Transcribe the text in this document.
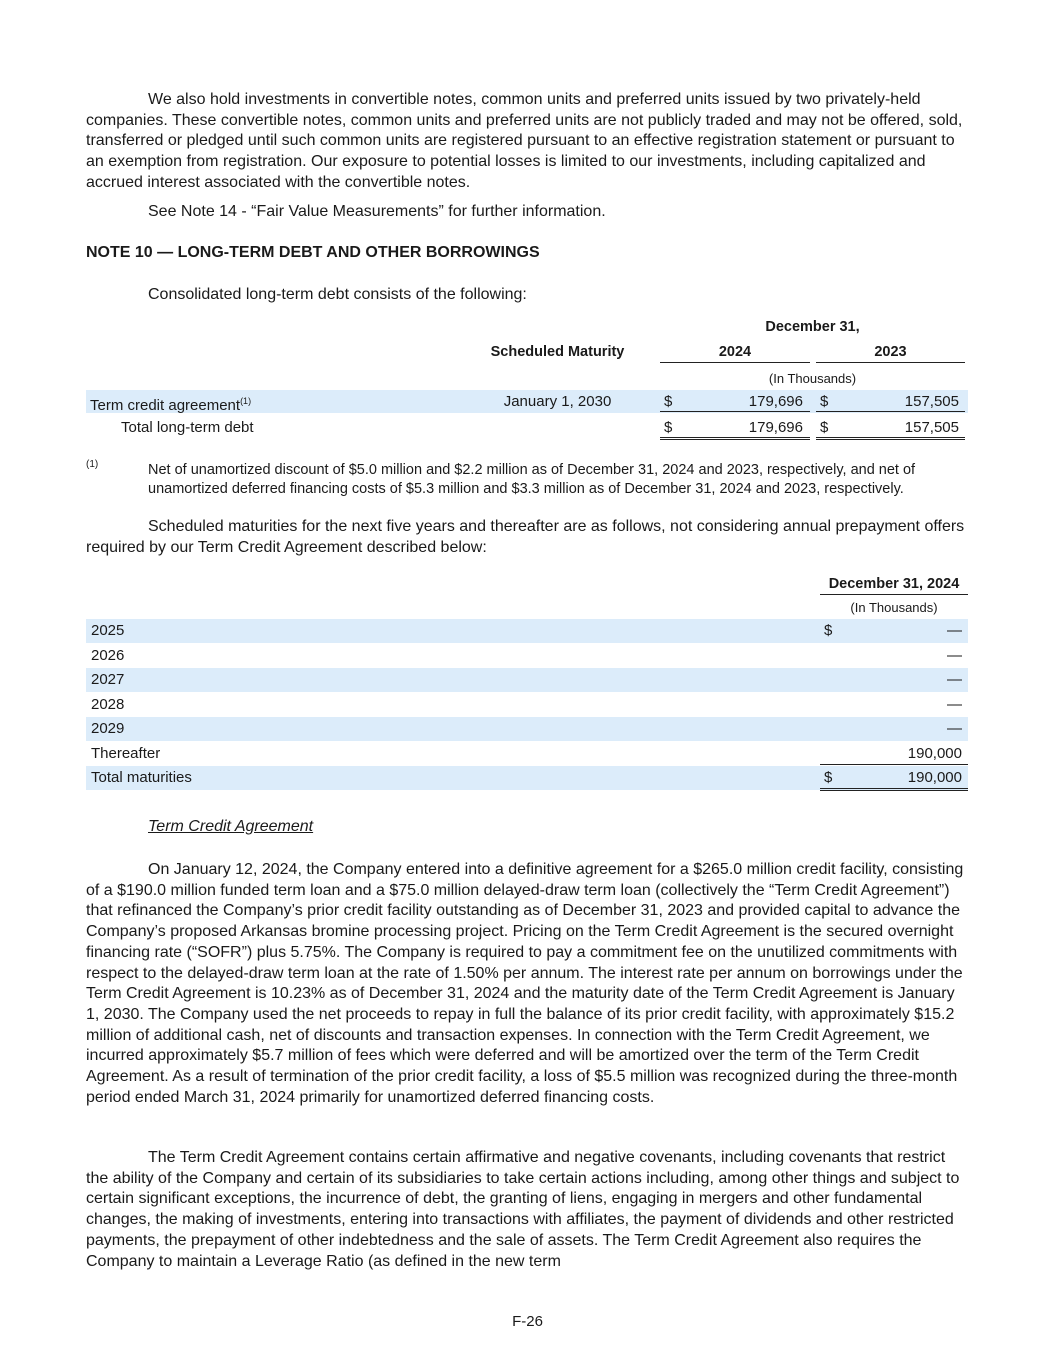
We also hold investments in convertible notes, common units and preferred units issued by two privately-held companies. These convertible notes, common units and preferred units are not publicly traded and may not be offered, sold, transferred or pledged until such common units are registered pursuant to an effective registration statement or pursuant to an exemption from registration. Our exposure to potential losses is limited to our investments, including capitalized and accrued interest associated with the convertible notes.

See Note 14 - “Fair Value Measurements” for further information.

NOTE 10 — LONG-TERM DEBT AND OTHER BORROWINGS

Consolidated long-term debt consists of the following:

December 31,
Scheduled Maturity	2024	2023
(In Thousands)
Term credit agreement$^{(1)}$	January 1, 2030	$	179,696 $	157,505
Total long-term debt	$	179,696 $	157,505
(1)	Net of unamortized discount of $5.0 million and $2.2 million as of December 31, 2024 and 2023, respectively, and net of unamortized deferred financing costs of $5.3 million and $3.3 million as of December 31, 2024 and 2023, respectively.

Scheduled maturities for the next five years and thereafter are as follows, not considering annual prepayment offers required by our Term Credit Agreement described below:

December 31, 2024
(In Thousands)
2025	$	—
2026	—
2027	—
2028	—
2029	—
Thereafter	190,000
Total maturities	$	190,000
Term Credit Agreement

On January 12, 2024, the Company entered into a definitive agreement for a $265.0 million credit facility, consisting of a $190.0 million funded term loan and a $75.0 million delayed-draw term loan (collectively the “Term Credit Agreement”) that refinanced the Company’s prior credit facility outstanding as of December 31, 2023 and provided capital to advance the Company’s proposed Arkansas bromine processing project. Pricing on the Term Credit Agreement is the secured overnight financing rate (“SOFR”) plus 5.75%. The Company is required to pay a commitment fee on the unutilized commitments with respect to the delayed-draw term loan at the rate of 1.50% per annum. The interest rate per annum on borrowings under the Term Credit Agreement is 10.23% as of December 31, 2024 and the maturity date of the Term Credit Agreement is January 1, 2030. The Company used the net proceeds to repay in full the balance of its prior credit facility, with approximately $15.2 million of additional cash, net of discounts and transaction expenses. In connection with the Term Credit Agreement, we incurred approximately $5.7 million of fees which were deferred and will be amortized over the term of the Term Credit Agreement. As a result of termination of the prior credit facility, a loss of $5.5 million was recognized during the three-month period ended March 31, 2024 primarily for unamortized deferred financing costs.

The Term Credit Agreement contains certain affirmative and negative covenants, including covenants that restrict the ability of the Company and certain of its subsidiaries to take certain actions including, among other things and subject to certain significant exceptions, the incurrence of debt, the granting of liens, engaging in mergers and other fundamental changes, the making of investments, entering into transactions with affiliates, the payment of dividends and other restricted payments, the prepayment of other indebtedness and the sale of assets. The Term Credit Agreement also requires the Company to maintain a Leverage Ratio (as defined in the new term

F-26
